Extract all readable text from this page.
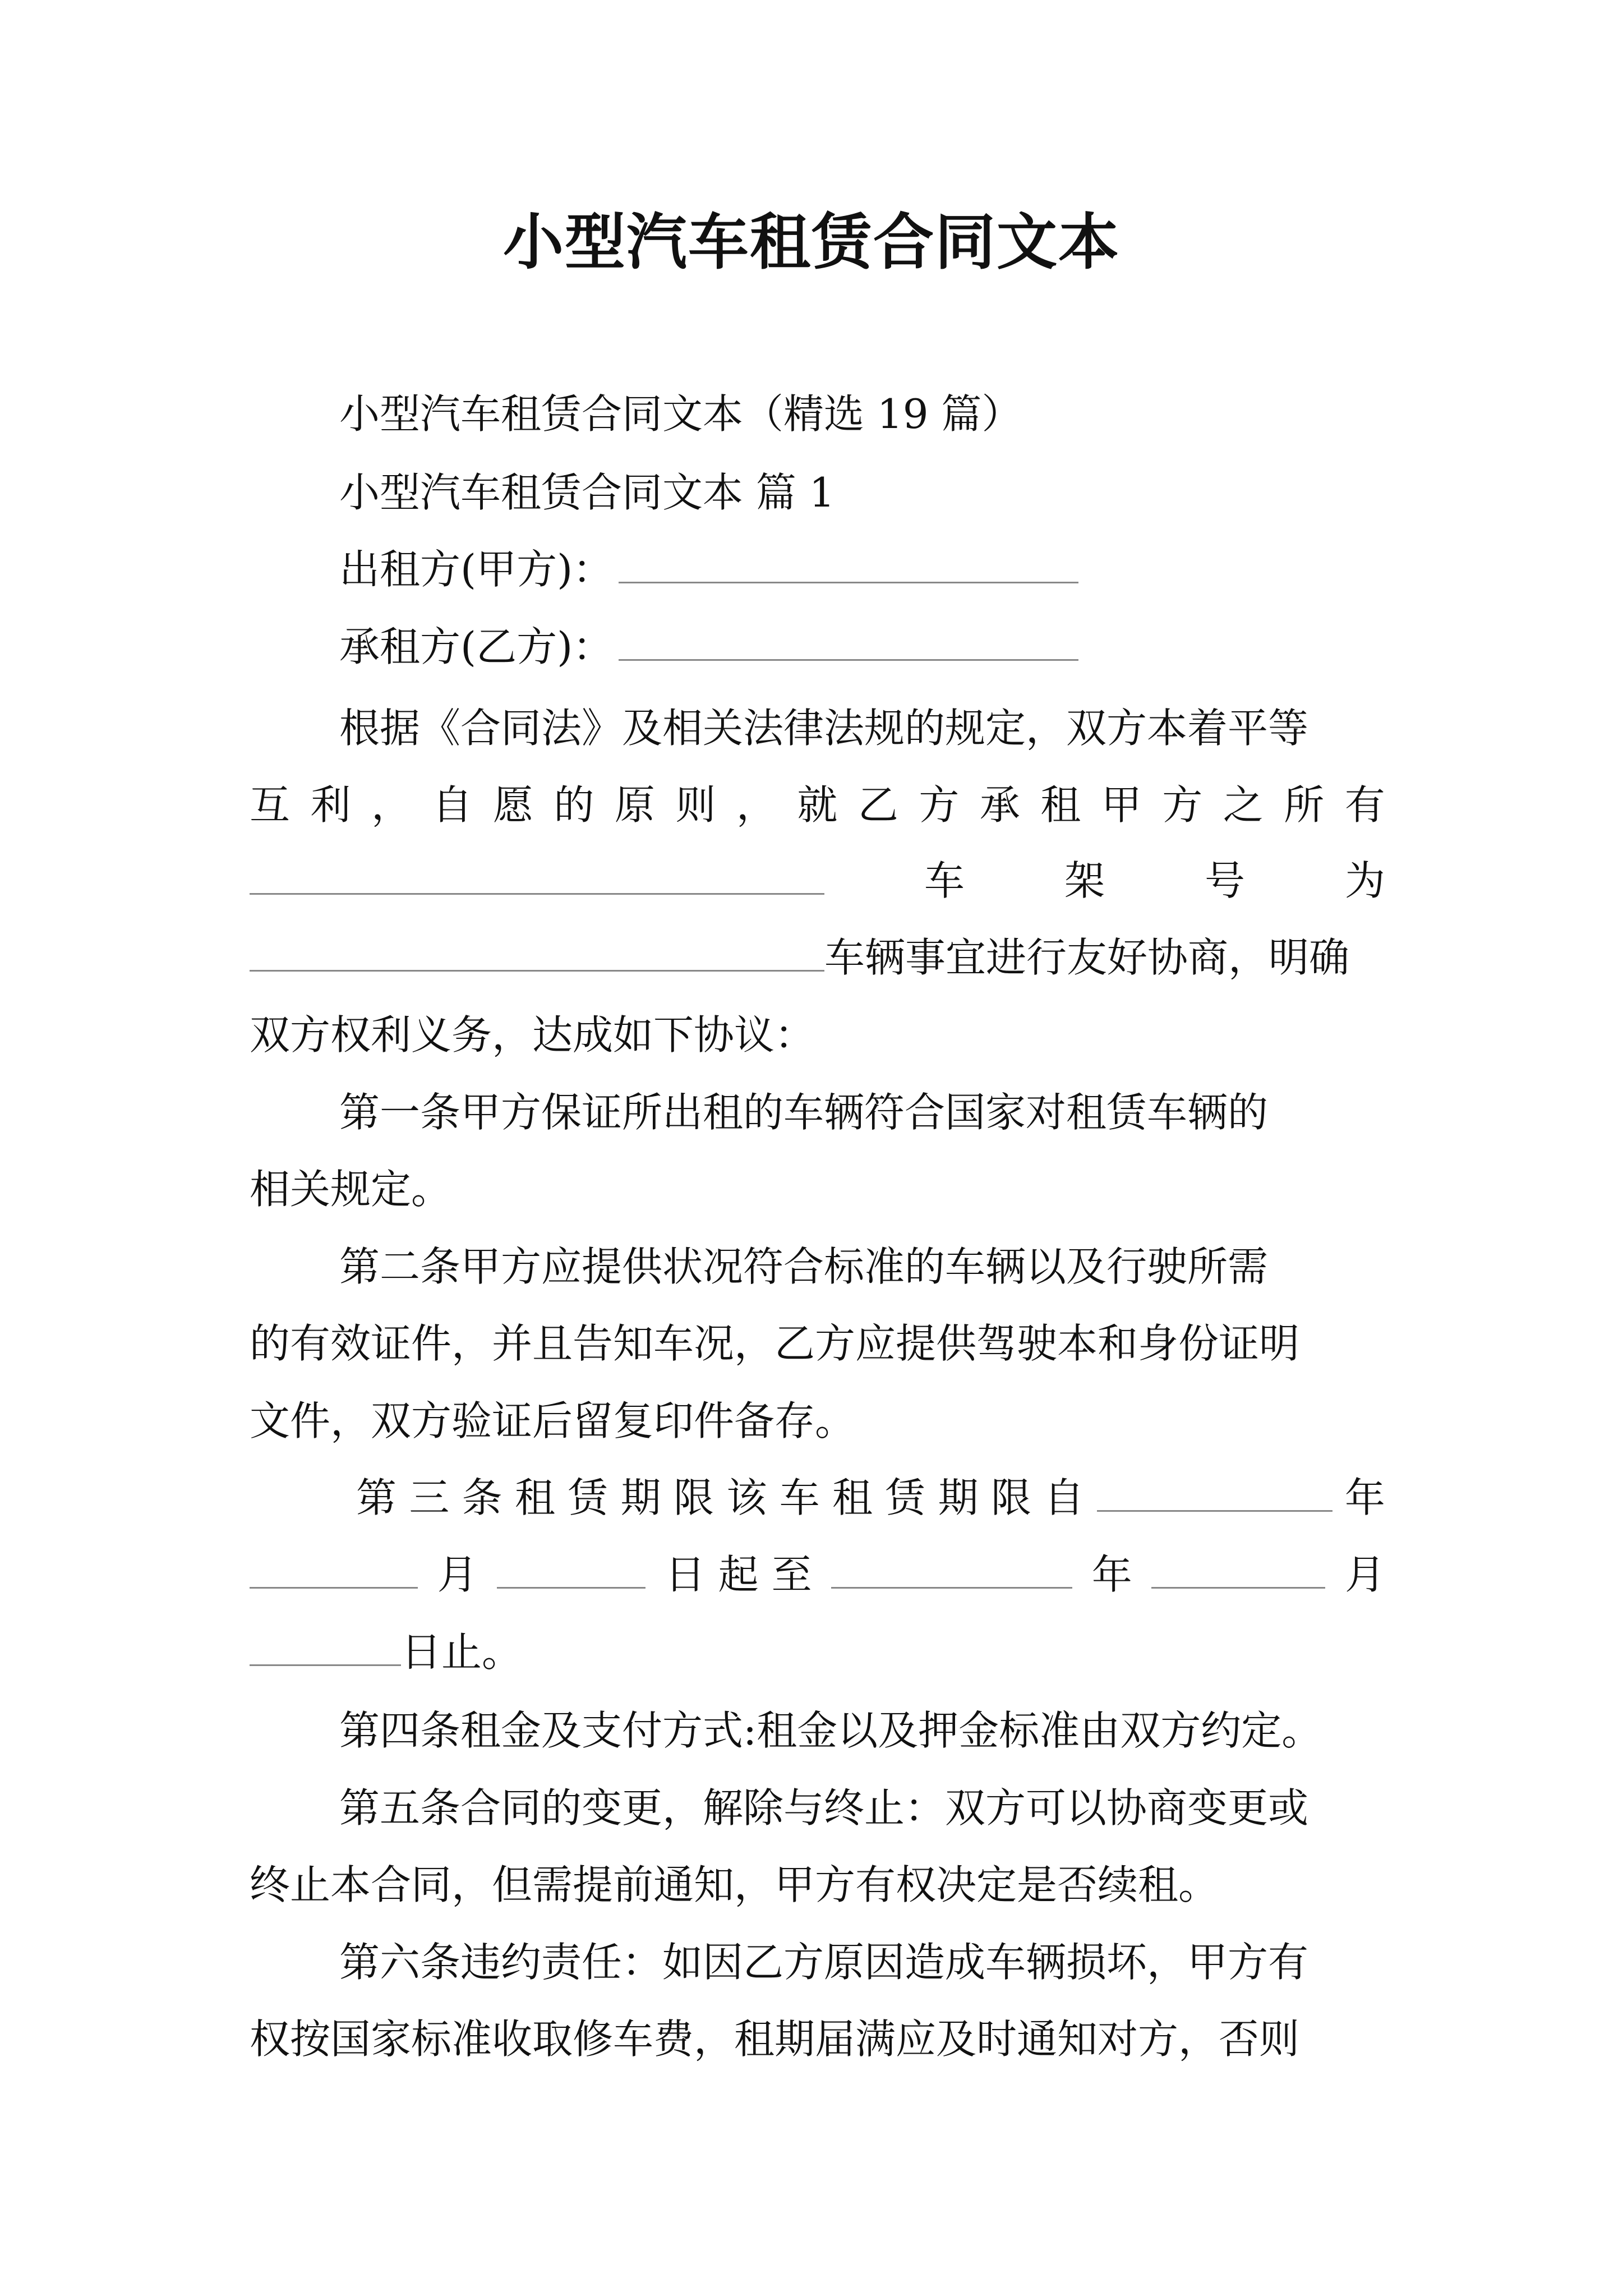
小型汽车租赁合同文本
小型汽车租赁合同文本（精选 19 篇）
小型汽车租赁合同文本 篇 1
出租方(甲方)：
承租方(乙方)：
根据《合同法》及相关法律法规的规定，双方本着平等
互 利 ， 自 愿 的 原 则 ， 就 乙 方 承 租 甲 方 之 所 有
车 架 号 为
车辆事宜进行友好协商，明确
双方权利义务，达成如下协议：
第一条甲方保证所出租的车辆符合国家对租赁车辆的
相关规定。
第二条甲方应提供状况符合标准的车辆以及行驶所需
的有效证件，并且告知车况，乙方应提供驾驶本和身份证明
文件，双方验证后留复印件备存。
第 三 条 租 赁 期 限 该 车 租 赁 期 限 自	年
月	日 起 至	年	月
日止。
第四条租金及支付方式:租金以及押金标准由双方约定。
第五条合同的变更，解除与终止：双方可以协商变更或
终止本合同，但需提前通知，甲方有权决定是否续租。
第六条违约责任：如因乙方原因造成车辆损坏，甲方有
权按国家标准收取修车费，租期届满应及时通知对方，否则
